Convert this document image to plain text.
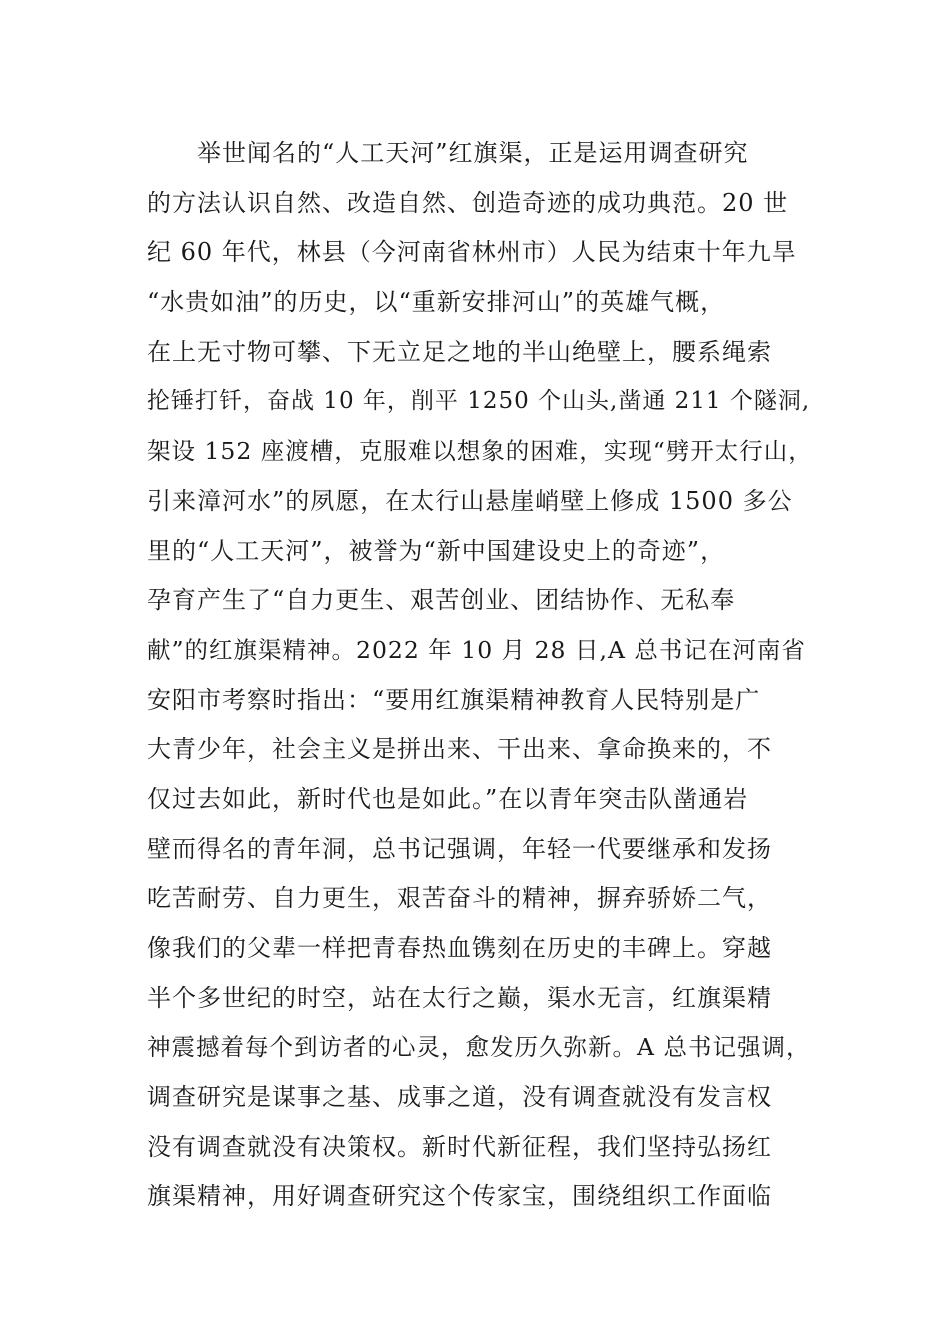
举世闻名的“人工天河”红旗渠，正是运用调查研究
的方法认识自然、改造自然、创造奇迹的成功典范。20 世
纪 60 年代，林县（今河南省林州市）人民为结束十年九旱
“水贵如油”的历史，以“重新安排河山”的英雄气概，
在上无寸物可攀、下无立足之地的半山绝壁上，腰系绳索
抡锤打钎，奋战 10 年，削平 1250 个山头,凿通 211 个隧洞,
架设 152 座渡槽，克服难以想象的困难，实现“劈开太行山，
引来漳河水”的夙愿，在太行山悬崖峭壁上修成 1500 多公
里的“人工天河”，被誉为“新中国建设史上的奇迹”，
孕育产生了“自力更生、艰苦创业、团结协作、无私奉
献”的红旗渠精神。2022 年 10 月 28 日,A 总书记在河南省
安阳市考察时指出：“要用红旗渠精神教育人民特别是广
大青少年，社会主义是拼出来、干出来、拿命换来的，不
仅过去如此，新时代也是如此。”在以青年突击队凿通岩
壁而得名的青年洞，总书记强调，年轻一代要继承和发扬
吃苦耐劳、自力更生，艰苦奋斗的精神，摒弃骄娇二气，
像我们的父辈一样把青春热血镌刻在历史的丰碑上。穿越
半个多世纪的时空，站在太行之巅，渠水无言，红旗渠精
神震撼着每个到访者的心灵，愈发历久弥新。A 总书记强调，
调查研究是谋事之基、成事之道，没有调查就没有发言权
没有调查就没有决策权。新时代新征程，我们坚持弘扬红
旗渠精神，用好调查研究这个传家宝，围绕组织工作面临
